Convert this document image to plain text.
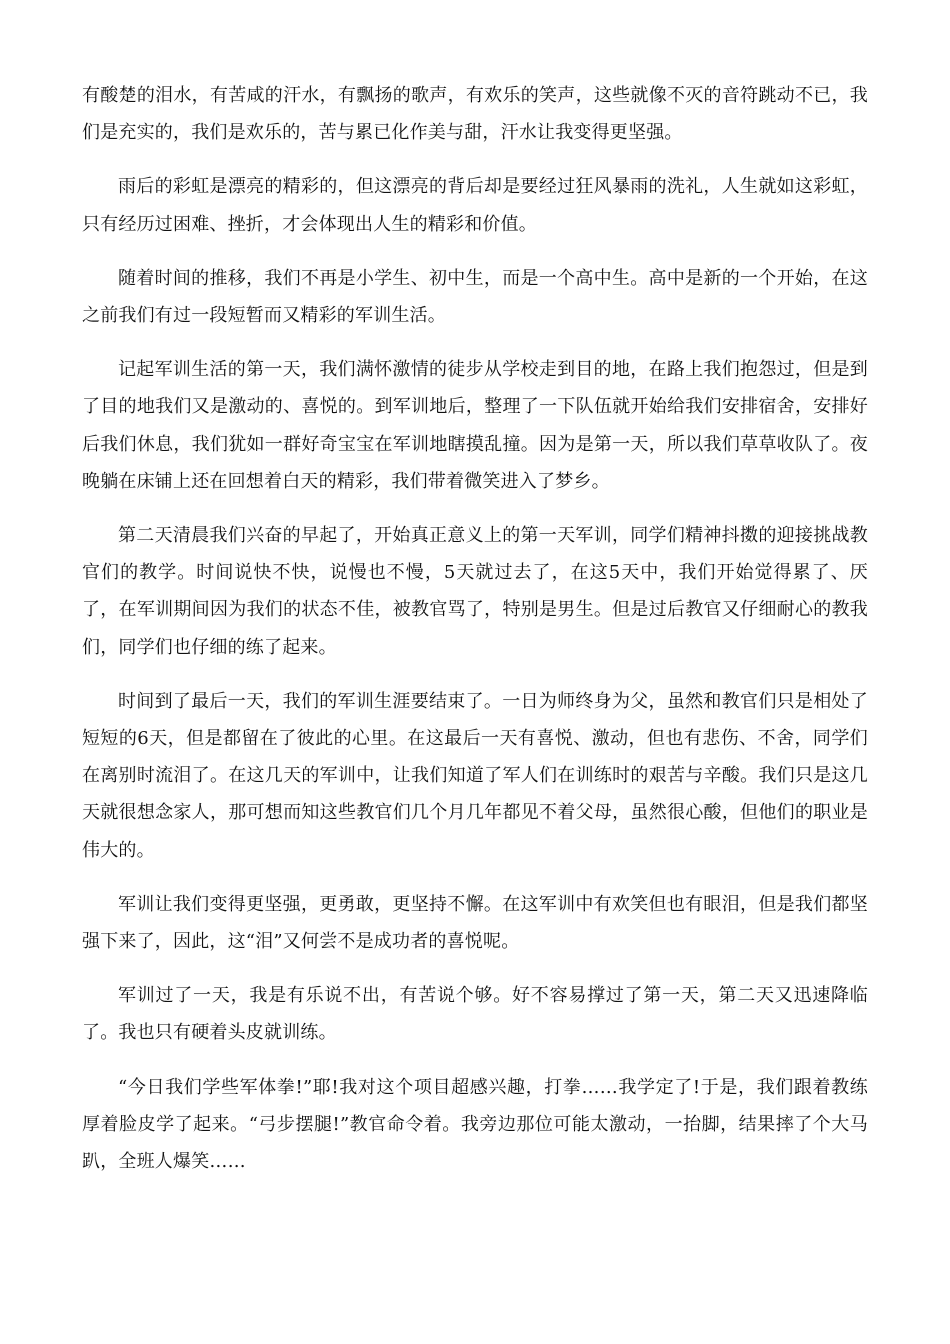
有酸楚的泪水，有苦咸的汗水，有飘扬的歌声，有欢乐的笑声，这些就像不灭的音符跳动不已，我们是充实的，我们是欢乐的，苦与累已化作美与甜，汗水让我变得更坚强。

雨后的彩虹是漂亮的精彩的，但这漂亮的背后却是要经过狂风暴雨的洗礼，人生就如这彩虹，只有经历过困难、挫折，才会体现出人生的精彩和价值。

随着时间的推移，我们不再是小学生、初中生，而是一个高中生。高中是新的一个开始，在这之前我们有过一段短暂而又精彩的军训生活。

记起军训生活的第一天，我们满怀激情的徒步从学校走到目的地，在路上我们抱怨过，但是到了目的地我们又是激动的、喜悦的。到军训地后，整理了一下队伍就开始给我们安排宿舍，安排好后我们休息，我们犹如一群好奇宝宝在军训地瞎摸乱撞。因为是第一天，所以我们草草收队了。夜晚躺在床铺上还在回想着白天的精彩，我们带着微笑进入了梦乡。

第二天清晨我们兴奋的早起了，开始真正意义上的第一天军训，同学们精神抖擞的迎接挑战教官们的教学。时间说快不快，说慢也不慢，5天就过去了，在这5天中，我们开始觉得累了、厌了，在军训期间因为我们的状态不佳，被教官骂了，特别是男生。但是过后教官又仔细耐心的教我们，同学们也仔细的练了起来。

时间到了最后一天，我们的军训生涯要结束了。一日为师终身为父，虽然和教官们只是相处了短短的6天，但是都留在了彼此的心里。在这最后一天有喜悦、激动，但也有悲伤、不舍，同学们在离别时流泪了。在这几天的军训中，让我们知道了军人们在训练时的艰苦与辛酸。我们只是这几天就很想念家人，那可想而知这些教官们几个月几年都见不着父母，虽然很心酸，但他们的职业是伟大的。

军训让我们变得更坚强，更勇敢，更坚持不懈。在这军训中有欢笑但也有眼泪，但是我们都坚强下来了，因此，这“泪”又何尝不是成功者的喜悦呢。

军训过了一天，我是有乐说不出，有苦说个够。好不容易撑过了第一天，第二天又迅速降临了。我也只有硬着头皮就训练。

“今日我们学些军体拳!”耶!我对这个项目超感兴趣，打拳……我学定了!于是，我们跟着教练厚着脸皮学了起来。“弓步摆腿!”教官命令着。我旁边那位可能太激动，一抬脚，结果摔了个大马趴，全班人爆笑……
